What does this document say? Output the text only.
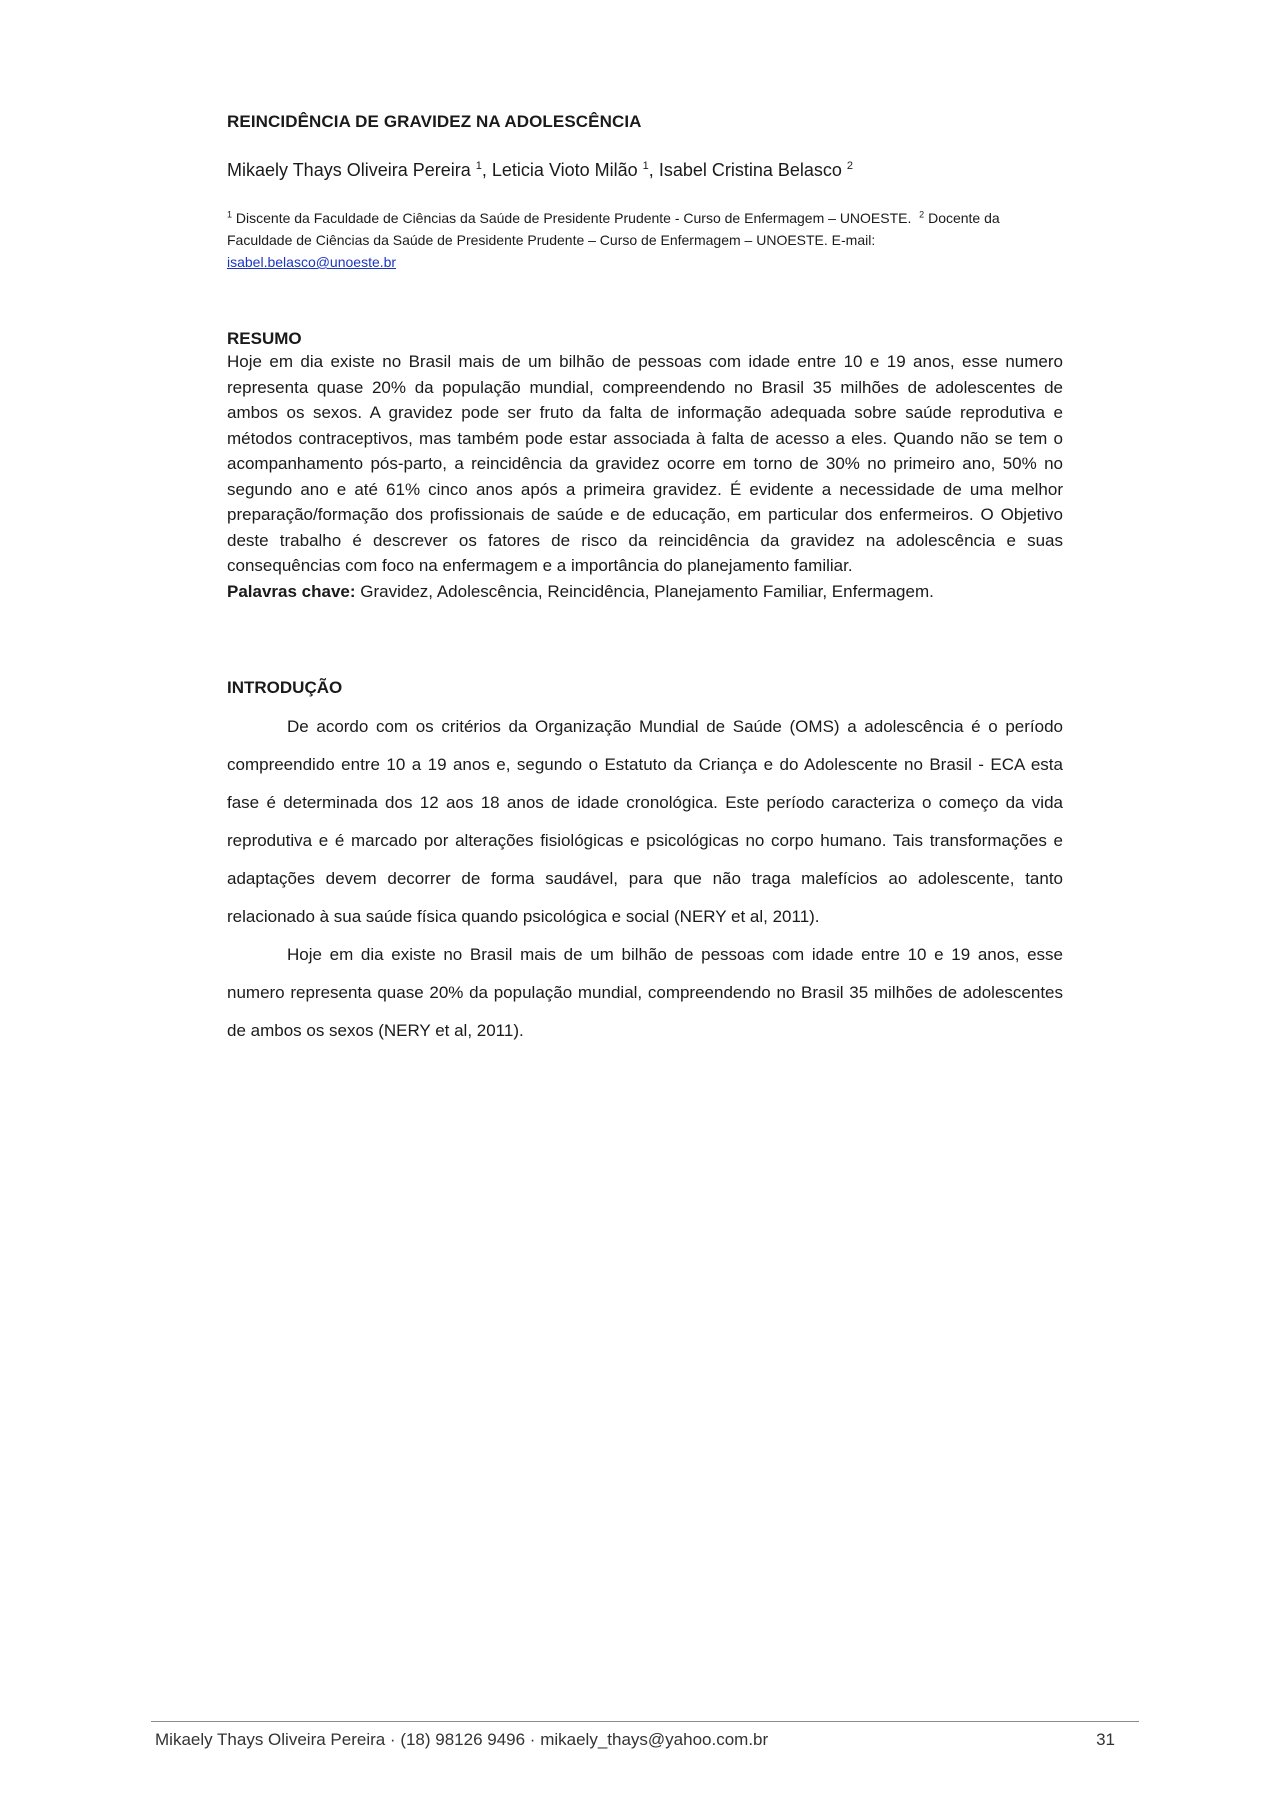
REINCIDÊNCIA DE GRAVIDEZ NA ADOLESCÊNCIA

Mikaely Thays Oliveira Pereira $^1$, Leticia Vioto Milão $^1$, Isabel Cristina Belasco $^2$

$^1$ Discente da Faculdade de Ciências da Saúde de Presidente Prudente - Curso de Enfermagem – UNOESTE. $^2$ Docente da Faculdade de Ciências da Saúde de Presidente Prudente – Curso de Enfermagem – UNOESTE. E-mail:
isabel.belasco@unoeste.br

RESUMO

Hoje em dia existe no Brasil mais de um bilhão de pessoas com idade entre 10 e 19 anos, esse numero representa quase 20% da população mundial, compreendendo no Brasil 35 milhões de adolescentes de ambos os sexos. A gravidez pode ser fruto da falta de informação adequada sobre saúde reprodutiva e métodos contraceptivos, mas também pode estar associada à falta de acesso a eles. Quando não se tem o acompanhamento pós-parto, a reincidência da gravidez ocorre em torno de 30% no primeiro ano, 50% no segundo ano e até 61% cinco anos após a primeira gravidez. É evidente a necessidade de uma melhor preparação/formação dos profissionais de saúde e de educação, em particular dos enfermeiros. O Objetivo deste trabalho é descrever os fatores de risco da reincidência da gravidez na adolescência e suas consequências com foco na enfermagem e a importância do planejamento familiar.

Palavras chave: Gravidez, Adolescência, Reincidência, Planejamento Familiar, Enfermagem.

INTRODUÇÃO

De acordo com os critérios da Organização Mundial de Saúde (OMS) a adolescência é o período compreendido entre 10 a 19 anos e, segundo o Estatuto da Criança e do Adolescente no Brasil - ECA esta fase é determinada dos 12 aos 18 anos de idade cronológica. Este período caracteriza o começo da vida reprodutiva e é marcado por alterações fisiológicas e psicológicas no corpo humano. Tais transformações e adaptações devem decorrer de forma saudável, para que não traga malefícios ao adolescente, tanto relacionado à sua saúde física quando psicológica e social (NERY et al, 2011).

Hoje em dia existe no Brasil mais de um bilhão de pessoas com idade entre 10 e 19 anos, esse numero representa quase 20% da população mundial, compreendendo no Brasil 35 milhões de adolescentes de ambos os sexos (NERY et al, 2011).

Mikaely Thays Oliveira Pereira · (18) 98126 9496 · mikaely_thays@yahoo.com.br	31
